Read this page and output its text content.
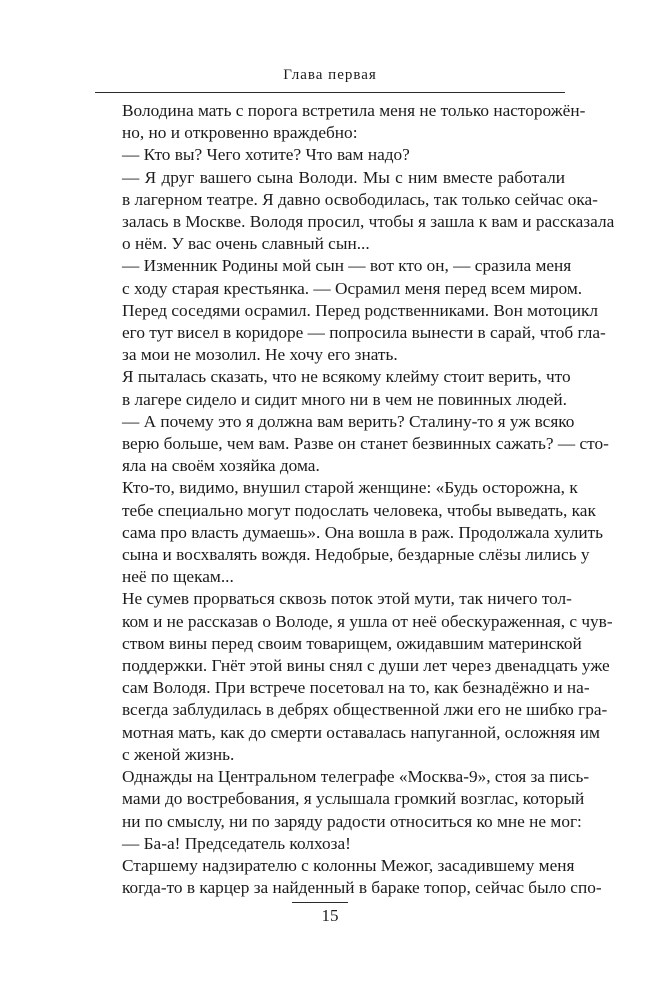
Глава первая
Володина мать с порога встретила меня не только насторожён-
но, но и откровенно враждебно:
— Кто вы? Чего хотите? Что вам надо?
— Я друг вашего сына Володи. Мы с ним вместе работали
в лагерном театре. Я давно освободилась, так только сейчас ока-
залась в Москве. Володя просил, чтобы я зашла к вам и рассказала
о нём. У вас очень славный сын...
— Изменник Родины мой сын — вот кто он, — сразила меня
с ходу старая крестьянка. — Осрамил меня перед всем миром.
Перед соседями осрамил. Перед родственниками. Вон мотоцикл
его тут висел в коридоре — попросила вынести в сарай, чтоб гла-
за мои не мозолил. Не хочу его знать.
Я пыталась сказать, что не всякому клейму стоит верить, что
в лагере сидело и сидит много ни в чем не повинных людей.
— А почему это я должна вам верить? Сталину-то я уж всяко
верю больше, чем вам. Разве он станет безвинных сажать? — сто-
яла на своём хозяйка дома.
Кто-то, видимо, внушил старой женщине: «Будь осторожна, к
тебе специально могут подослать человека, чтобы выведать, как
сама про власть думаешь». Она вошла в раж. Продолжала хулить
сына и восхвалять вождя. Недобрые, бездарные слёзы лились у
неё по щекам...
Не сумев прорваться сквозь поток этой мути, так ничего тол-
ком и не рассказав о Володе, я ушла от неё обескураженная, с чув-
ством вины перед своим товарищем, ожидавшим материнской
поддержки. Гнёт этой вины снял с души лет через двенадцать уже
сам Володя. При встрече посетовал на то, как безнадёжно и на-
всегда заблудилась в дебрях общественной лжи его не шибко гра-
мотная мать, как до смерти оставалась напуганной, осложняя им
с женой жизнь.
Однажды на Центральном телеграфе «Москва-9», стоя за пись-
мами до востребования, я услышала громкий возглас, который
ни по смыслу, ни по заряду радости относиться ко мне не мог:
— Ба-а! Председатель колхоза!
Старшему надзирателю с колонны Межог, засадившему меня
когда-то в карцер за найденный в бараке топор, сейчас было спо-
15
